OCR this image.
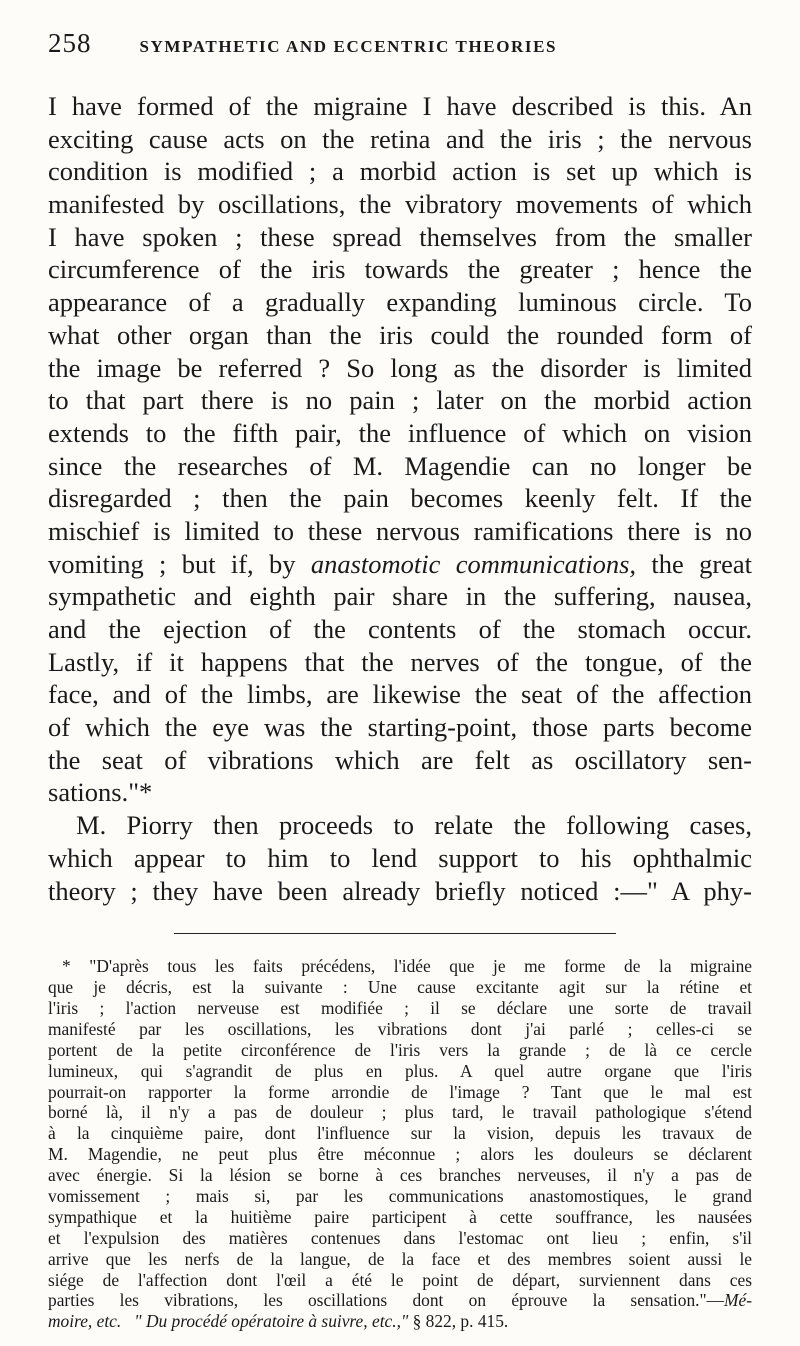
258	SYMPATHETIC AND ECCENTRIC THEORIES
I have formed of the migraine I have described is this. An
exciting cause acts on the retina and the iris ; the nervous
condition is modified ; a morbid action is set up which is
manifested by oscillations, the vibratory movements of which
I have spoken ; these spread themselves from the smaller
circumference of the iris towards the greater ; hence the
appearance of a gradually expanding luminous circle. To
what other organ than the iris could the rounded form of
the image be referred ? So long as the disorder is limited
to that part there is no pain ; later on the morbid action
extends to the fifth pair, the influence of which on vision
since the researches of M. Magendie can no longer be
disregarded ; then the pain becomes keenly felt. If the
mischief is limited to these nervous ramifications there is no
vomiting ; but if, by anastomotic communications, the great
sympathetic and eighth pair share in the suffering, nausea,
and the ejection of the contents of the stomach occur.
Lastly, if it happens that the nerves of the tongue, of the
face, and of the limbs, are likewise the seat of the affection
of which the eye was the starting-point, those parts become
the seat of vibrations which are felt as oscillatory sen-
sations."*
M. Piorry then proceeds to relate the following cases,
which appear to him to lend support to his ophthalmic
theory ; they have been already briefly noticed :—" A phy-
* "D'après tous les faits précédens, l'idée que je me forme de la migraine
que je décris, est la suivante : Une cause excitante agit sur la rétine et
l'iris ; l'action nerveuse est modifiée ; il se déclare une sorte de travail
manifesté par les oscillations, les vibrations dont j'ai parlé ; celles-ci se
portent de la petite circonférence de l'iris vers la grande ; de là ce cercle
lumineux, qui s'agrandit de plus en plus. A quel autre organe que l'iris
pourrait-on rapporter la forme arrondie de l'image ? Tant que le mal est
borné là, il n'y a pas de douleur ; plus tard, le travail pathologique s'étend
à la cinquième paire, dont l'influence sur la vision, depuis les travaux de
M. Magendie, ne peut plus être méconnue ; alors les douleurs se déclarent
avec énergie. Si la lésion se borne à ces branches nerveuses, il n'y a pas de
vomissement ; mais si, par les communications anastomostiques, le grand
sympathique et la huitième paire participent à cette souffrance, les nausées
et l'expulsion des matières contenues dans l'estomac ont lieu ; enfin, s'il
arrive que les nerfs de la langue, de la face et des membres soient aussi le
siége de l'affection dont l'œil a été le point de départ, surviennent dans ces
parties les vibrations, les oscillations dont on éprouve la sensation."—Mé-
moire, etc. " Du procédé opératoire à suivre, etc.," § 822, p. 415.
